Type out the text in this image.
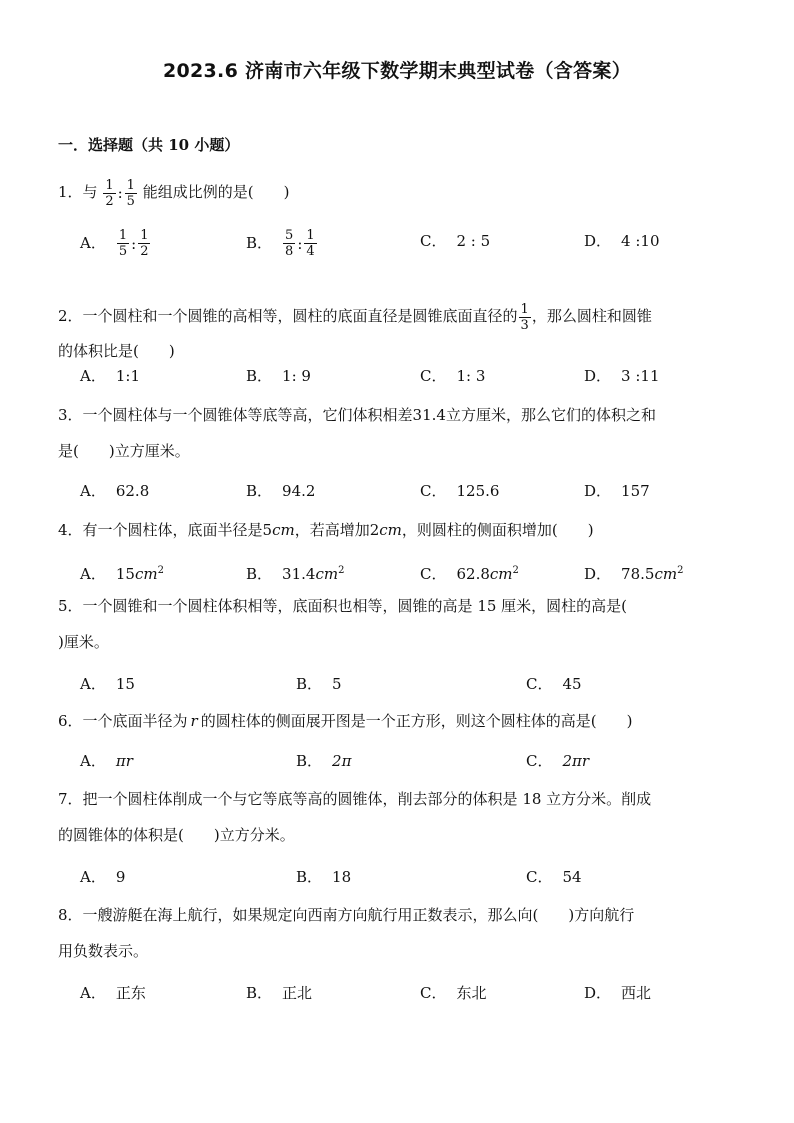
2023.6 济南市六年级下数学期末典型试卷（含答案）
一．选择题（共 10 小题）
1．与 $\frac{1}{2}$ : $\frac{1}{5}$ 能组成比例的是(　　)
A． $\frac{1}{5}$ : $\frac{1}{2}$	B． $\frac{5}{8}$ : $\frac{1}{4}$	C． 2 : 5	D． 4 :10
2．一个圆柱和一个圆锥的高相等，圆柱的底面直径是圆锥底面直径的 $\frac{1}{3}$ ，那么圆柱和圆锥
的体积比是(　　)
A． 1:1	B． 1: 9	C． 1: 3	D． 3 :11
3．一个圆柱体与一个圆锥体等底等高，它们体积相差31.4立方厘米，那么它们的体积之和
是(　　)立方厘米。
A． 62.8	B． 94.2	C． 125.6	D． 157
4．有一个圆柱体，底面半径是5cm，若高增加2cm，则圆柱的侧面积增加(　　)
A． $15cm^2$	B． $31.4cm^2$	C． $62.8cm^2$	D． $78.5cm^2$
5．一个圆锥和一个圆柱体积相等，底面积也相等，圆锥的高是 15 厘米，圆柱的高是(
)厘米。
A． 15	B． 5	C． 45
6．一个底面半径为 r 的圆柱体的侧面展开图是一个正方形，则这个圆柱体的高是(　　)
A． πr	B． 2π	C． 2πr
7．把一个圆柱体削成一个与它等底等高的圆锥体，削去部分的体积是 18 立方分米。削成
的圆锥体的体积是(　　)立方分米。
A． 9	B． 18	C． 54
8．一艘游艇在海上航行，如果规定向西南方向航行用正数表示，那么向(　　)方向航行
用负数表示。
A． 正东	B． 正北	C． 东北	D． 西北
